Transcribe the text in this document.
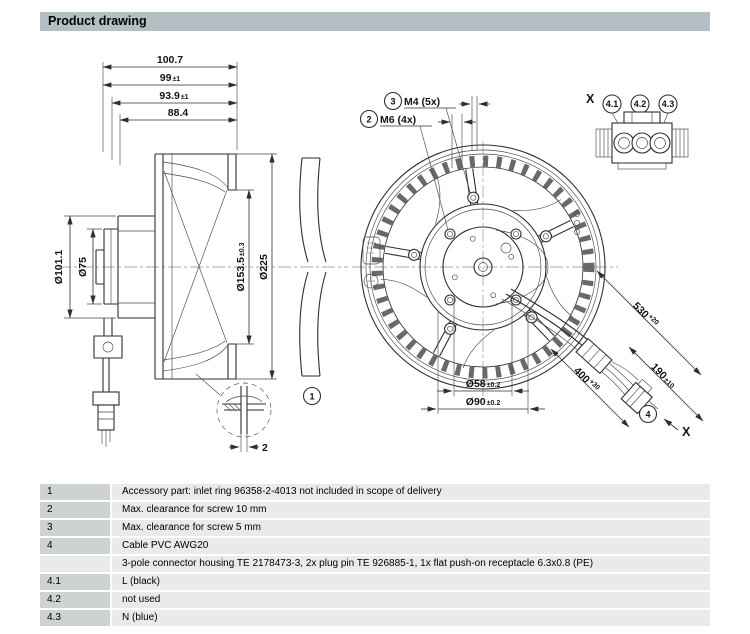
Product drawing
100.7
99±1
93.9±1
88.4
Ø101.1 Ø75	Ø153.5±0.3
Ø225
1
2
3 M4 (5x)
2 M6 (4x)
X 4.1 4.2 4.3
Ø58±0.2
Ø90±0.2
$530^{+20}$
190±10
$400^{+30}$
4
X
1	Accessory part: inlet ring 96358-2-4013 not included in scope of delivery
2	Max. clearance for screw 10 mm
3	Max. clearance for screw 5 mm
4	Cable PVC AWG20
3-pole connector housing TE 2178473-3, 2x plug pin TE 926885-1, 1x flat push-on receptacle 6.3x0.8 (PE)
4.1	L (black)
4.2	not used
4.3	N (blue)
